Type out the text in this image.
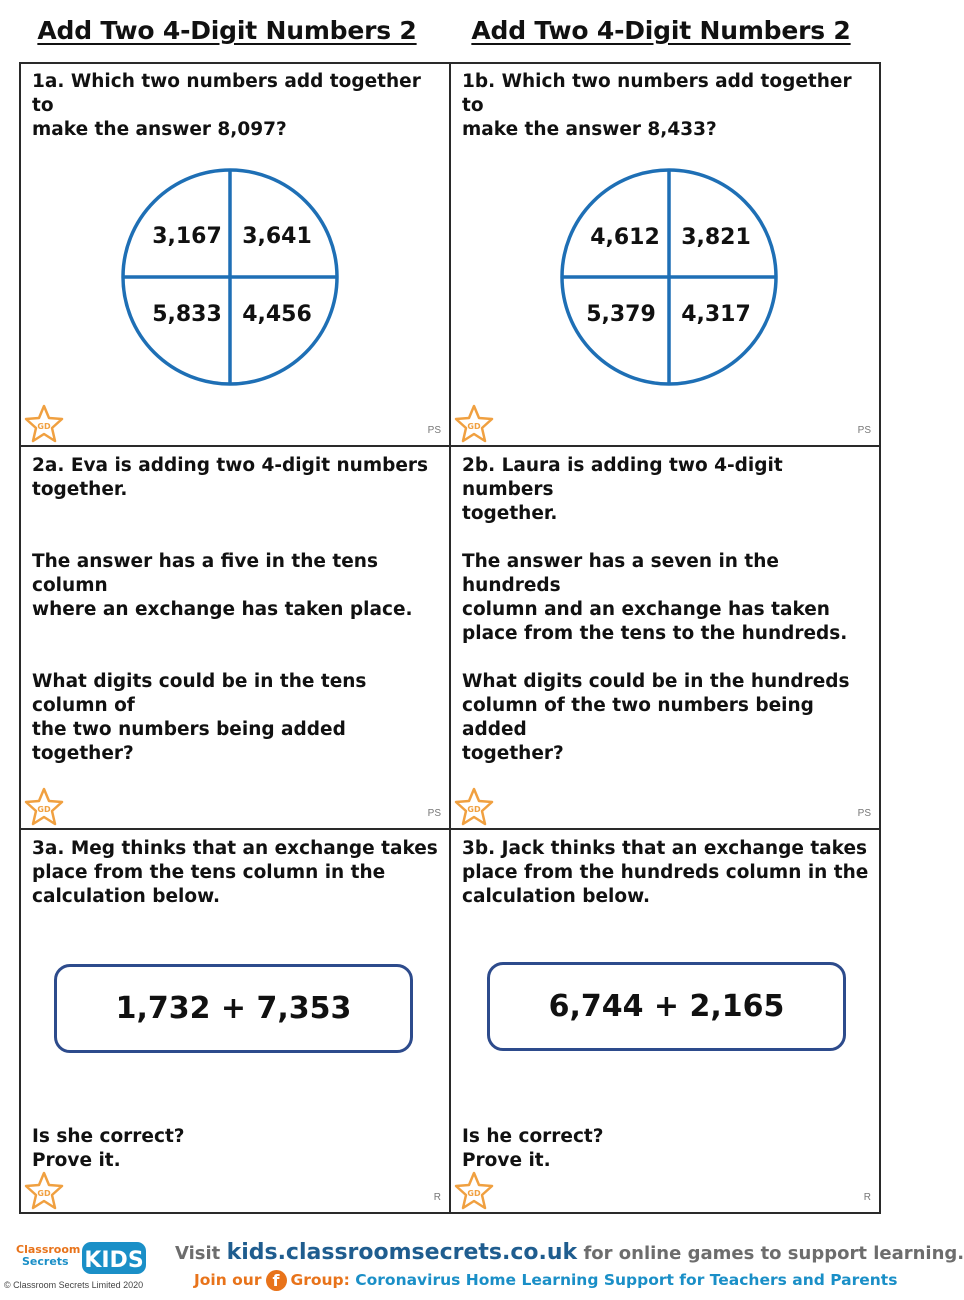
Add Two 4-Digit Numbers 2	Add Two 4-Digit Numbers 2

1a. Which two numbers add together to
make the answer 8,097?

3,167 3,641
5,833 4,456
GD	PS

1b. Which two numbers add together to
make the answer 8,433?

4,612 3,821
5,379	4,317
GD	PS

2a. Eva is adding two 4-digit numbers
together.

The answer has a five in the tens column
where an exchange has taken place.

What digits could be in the tens column of
the two numbers being added together?

GD	PS

2b. Laura is adding two 4-digit numbers
together.

The answer has a seven in the hundreds
column and an exchange has taken
place from the tens to the hundreds.

What digits could be in the hundreds
column of the two numbers being added
together?

GD	PS

3a. Meg thinks that an exchange takes
place from the tens column in the
calculation below.

1,732 + 7,353

Is she correct?
Prove it.

GD	R

3b. Jack thinks that an exchange takes
place from the hundreds column in the
calculation below.

6,744 + 2,165

Is he correct?
Prove it.

GD	R
Classroom
Secrets KIDS Visit kids.classroomsecrets.co.uk for online games to support learning.
Join our f Group: Coronavirus Home Learning Support for Teachers and Parents
© Classroom Secrets Limited 2020
